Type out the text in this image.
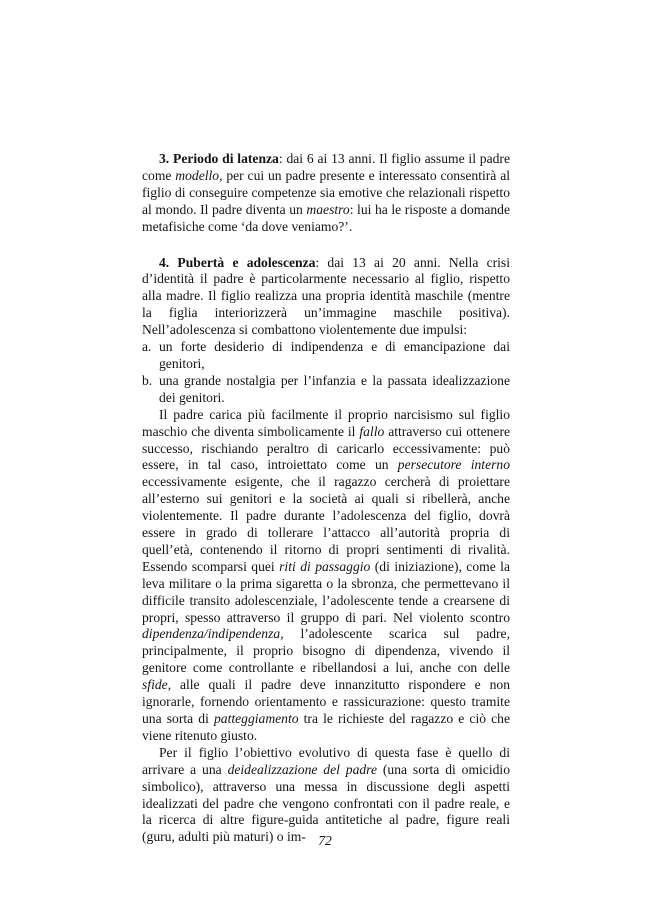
3. Periodo di latenza: dai 6 ai 13 anni. Il figlio assume il padre come modello, per cui un padre presente e interessato consentirà al figlio di conseguire competenze sia emotive che relazionali rispetto al mondo. Il padre diventa un maestro: lui ha le risposte a domande metafisiche come ‘da dove veniamo?’.

4. Pubertà e adolescenza: dai 13 ai 20 anni. Nella crisi d’identità il padre è particolarmente necessario al figlio, rispetto alla madre. Il figlio realizza una propria identità maschile (mentre la figlia interiorizzerà un’immagine maschile positiva). Nell’adolescenza si combattono violentemente due impulsi:

a. un forte desiderio di indipendenza e di emancipazione dai genitori,
b. una grande nostalgia per l’infanzia e la passata idealizzazione dei genitori.

Il padre carica più facilmente il proprio narcisismo sul figlio maschio che diventa simbolicamente il fallo attraverso cui ottenere successo, rischiando peraltro di caricarlo eccessivamente: può essere, in tal caso, introiettato come un persecutore interno eccessivamente esigente, che il ragazzo cercherà di proiettare all’esterno sui genitori e la società ai quali si ribellerà, anche violentemente. Il padre durante l’adolescenza del figlio, dovrà essere in grado di tollerare l’attacco all’autorità propria di quell’età, contenendo il ritorno di propri sentimenti di rivalità. Essendo scomparsi quei riti di passaggio (di iniziazione), come la leva militare o la prima sigaretta o la sbronza, che permettevano il difficile transito adolescenziale, l’adolescente tende a crearsene di propri, spesso attraverso il gruppo di pari. Nel violento scontro dipendenza/indipendenza, l’adolescente scarica sul padre, principalmente, il proprio bisogno di dipendenza, vivendo il genitore come controllante e ribellandosi a lui, anche con delle sfide, alle quali il padre deve innanzitutto rispondere e non ignorarle, fornendo orientamento e rassicurazione: questo tramite una sorta di patteggiamento tra le richieste del ragazzo e ciò che viene ritenuto giusto.

Per il figlio l’obiettivo evolutivo di questa fase è quello di arrivare a una deidealizzazione del padre (una sorta di omicidio simbolico), attraverso una messa in discussione degli aspetti idealizzati del padre che vengono confrontati con il padre reale, e la ricerca di altre figure-guida antitetiche al padre, figure reali (guru, adulti più maturi) o im- 72
